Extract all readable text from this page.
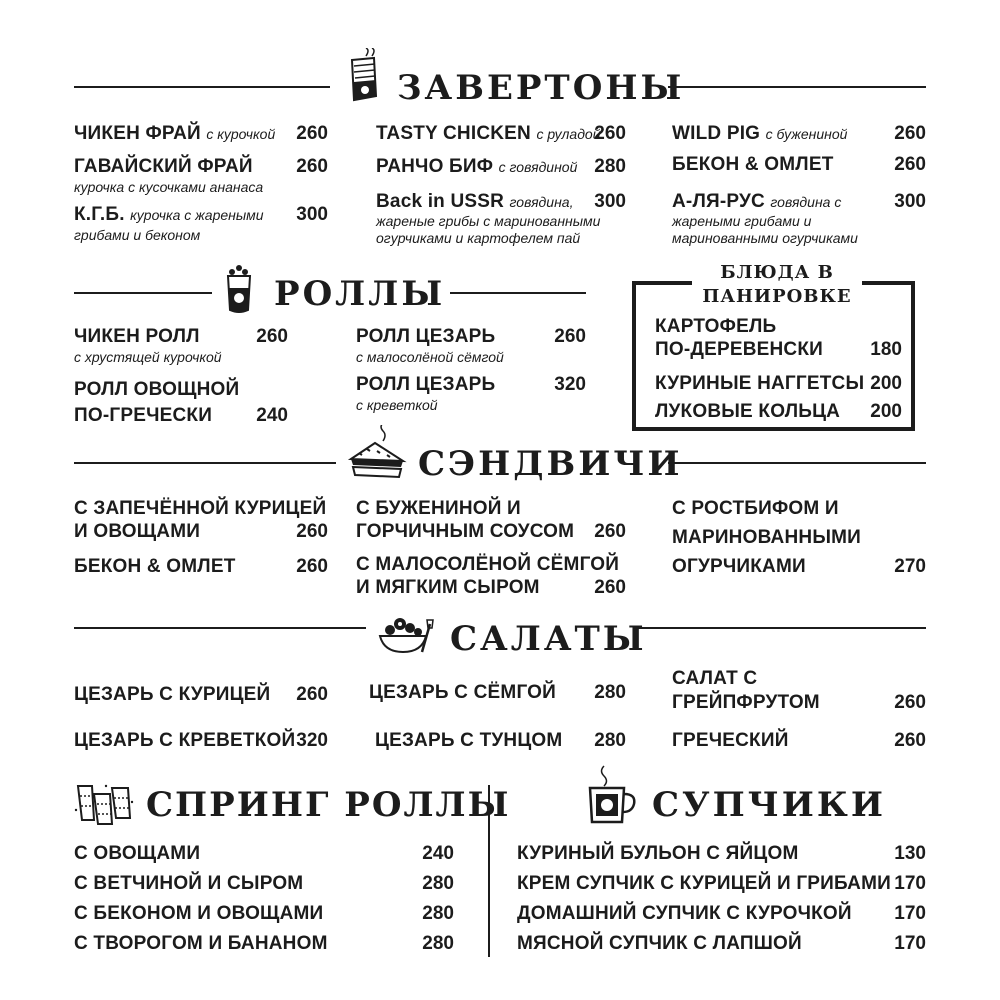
ЗАВЕРТОНЫ
ЧИКЕН ФРАЙ с курочкой	260
ГАВАЙСКИЙ ФРАЙ
курочка с кусочками ананаса
260
К.Г.Б. курочка с жареными
грибами и беконом
300
TASTY CHICKEN с руладой
260
РАНЧО БИФ с говядиной 280
Back in USSR говядина,
жареные грибы с маринованными
огурчиками и картофелем пай
300
WILD PIG с бужениной	260
БЕКОН & ОМЛЕТ	260
А-ЛЯ-РУС говядина с
жареными грибами и
маринованными огурчиками
300
РОЛЛЫ
ЧИКЕН РОЛЛ
с хрустящей курочкой
260
РОЛЛ ОВОЩНОЙ
ПО-ГРЕЧЕСКИ	240
РОЛЛ ЦЕЗАРЬ
с малосолёной сёмгой
260
РОЛЛ ЦЕЗАРЬ
с креветкой
320
БЛЮДА В
ПАНИРОВКЕ
КАРТОФЕЛЬ
ПО-ДЕРЕВЕНСКИ	180
КУРИНЫЕ НАГГЕТСЫ 200
ЛУКОВЫЕ КОЛЬЦА	200
СЭНДВИЧИ
С ЗАПЕЧЁННОЙ КУРИЦЕЙ
И ОВОЩАМИ	260
БЕКОН & ОМЛЕТ	260
С БУЖЕНИНОЙ И
ГОРЧИЧНЫМ СОУСОМ	260
С МАЛОСОЛЁНОЙ СЁМГОЙ
И МЯГКИМ СЫРОМ	260
С РОСТБИФОМ И
МАРИНОВАННЫМИ
ОГУРЧИКАМИ	270
САЛАТЫ
ЦЕЗАРЬ С КУРИЦЕЙ	260
ЦЕЗАРЬ С КРЕВЕТКОЙ 320
ЦЕЗАРЬ С СЁМГОЙ	280
ЦЕЗАРЬ С ТУНЦОМ	280
САЛАТ С
ГРЕЙПФРУТОМ	260
ГРЕЧЕСКИЙ	260
СПРИНГ РОЛЛЫ
С ОВОЩАМИ	240
С ВЕТЧИНОЙ И СЫРОМ	280
С БЕКОНОМ И ОВОЩАМИ	280
С ТВОРОГОМ И БАНАНОМ	280
СУПЧИКИ
КУРИНЫЙ БУЛЬОН С ЯЙЦОМ	130
КРЕМ СУПЧИК С КУРИЦЕЙ И ГРИБАМИ 170
ДОМАШНИЙ СУПЧИК С КУРОЧКОЙ	170
МЯСНОЙ СУПЧИК С ЛАПШОЙ	170
